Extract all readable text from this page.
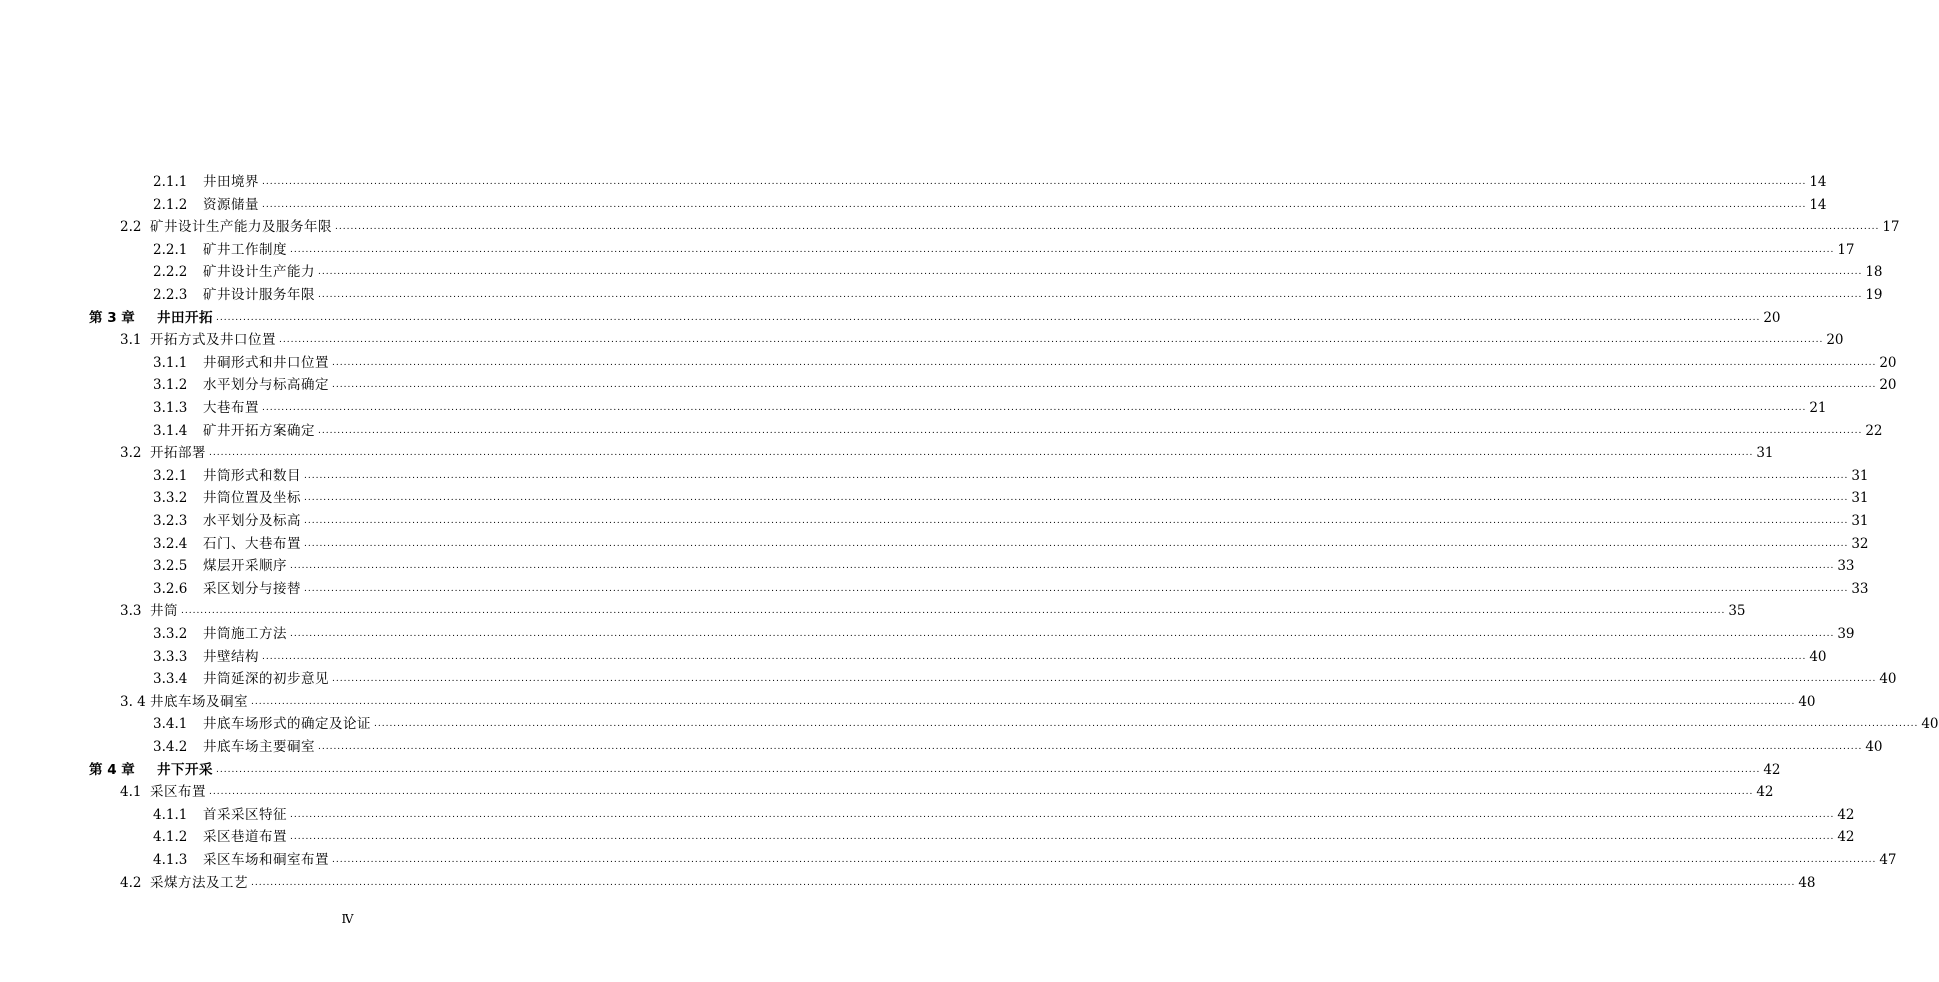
2.1.1	井田境界 ................................................................................................................................................................................................................................................................................................................................................................................................................ 14
2.1.2	资源储量 ................................................................................................................................................................................................................................................................................................................................................................................................................ 14
2.2 矿井设计生产能力及服务年限 ................................................................................................................................................................................................................................................................................................................................................................................................................ 17
2.2.1	矿井工作制度 ................................................................................................................................................................................................................................................................................................................................................................................................................ 17
2.2.2	矿井设计生产能力 ................................................................................................................................................................................................................................................................................................................................................................................................................ 18
2.2.3	矿井设计服务年限 ................................................................................................................................................................................................................................................................................................................................................................................................................ 19
第 3 章	井田开拓 ................................................................................................................................................................................................................................................................................................................................................................................................................ 20
3.1 开拓方式及井口位置 ................................................................................................................................................................................................................................................................................................................................................................................................................ 20
3.1.1	井硐形式和井口位置 ................................................................................................................................................................................................................................................................................................................................................................................................................ 20
3.1.2	水平划分与标高确定 ................................................................................................................................................................................................................................................................................................................................................................................................................ 20
3.1.3	大巷布置 ................................................................................................................................................................................................................................................................................................................................................................................................................ 21
3.1.4	矿井开拓方案确定 ................................................................................................................................................................................................................................................................................................................................................................................................................ 22
3.2 开拓部署 ................................................................................................................................................................................................................................................................................................................................................................................................................ 31
3.2.1	井筒形式和数目 ................................................................................................................................................................................................................................................................................................................................................................................................................ 31
3.3.2	井筒位置及坐标 ................................................................................................................................................................................................................................................................................................................................................................................................................ 31
3.2.3	水平划分及标高 ................................................................................................................................................................................................................................................................................................................................................................................................................ 31
3.2.4	石门、大巷布置 ................................................................................................................................................................................................................................................................................................................................................................................................................ 32
3.2.5	煤层开采顺序 ................................................................................................................................................................................................................................................................................................................................................................................................................ 33
3.2.6	采区划分与接替 ................................................................................................................................................................................................................................................................................................................................................................................................................ 33
3.3 井筒 ................................................................................................................................................................................................................................................................................................................................................................................................................ 35
3.3.2	井筒施工方法 ................................................................................................................................................................................................................................................................................................................................................................................................................ 39
3.3.3	井壁结构 ................................................................................................................................................................................................................................................................................................................................................................................................................ 40
3.3.4	井筒延深的初步意见 ................................................................................................................................................................................................................................................................................................................................................................................................................ 40
3. 4 井底车场及硐室 ................................................................................................................................................................................................................................................................................................................................................................................................................ 40
3.4.1	井底车场形式的确定及论证 ................................................................................................................................................................................................................................................................................................................................................................................................................ 40
3.4.2	井底车场主要硐室 ................................................................................................................................................................................................................................................................................................................................................................................................................ 40
第 4 章	井下开采 ................................................................................................................................................................................................................................................................................................................................................................................................................ 42
4.1 采区布置 ................................................................................................................................................................................................................................................................................................................................................................................................................ 42
4.1.1	首采采区特征 ................................................................................................................................................................................................................................................................................................................................................................................................................ 42
4.1.2	采区巷道布置 ................................................................................................................................................................................................................................................................................................................................................................................................................ 42
4.1.3	采区车场和硐室布置 ................................................................................................................................................................................................................................................................................................................................................................................................................ 47
4.2 采煤方法及工艺 ................................................................................................................................................................................................................................................................................................................................................................................................................ 48
Ⅳ
